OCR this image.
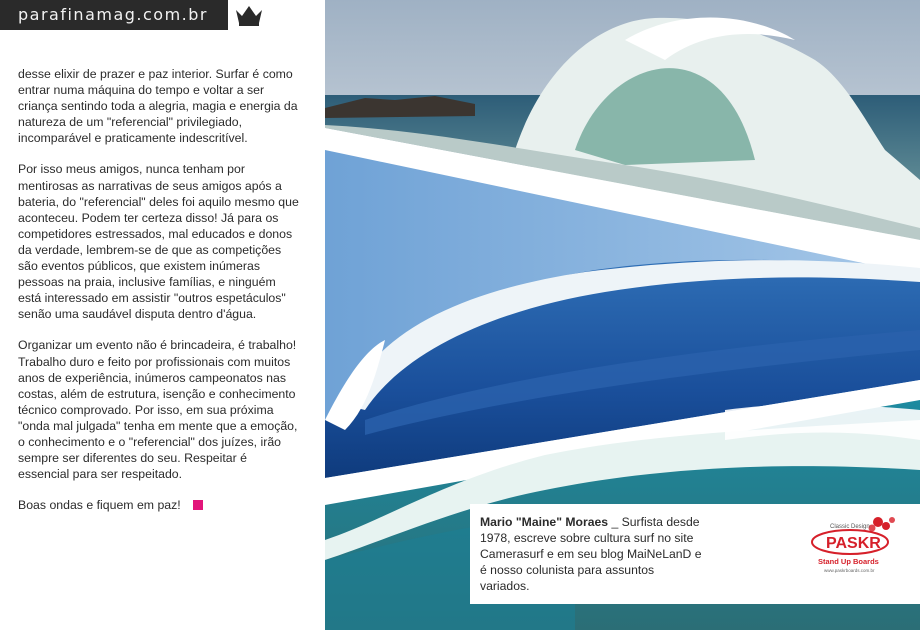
parafinamag.com.br

desse elixir de prazer e paz interior. Surfar é como entrar numa máquina do tempo e voltar a ser criança sentindo toda a alegria, magia e energia da natureza de um "referencial" privilegiado, incomparável e praticamente indescritível.

Por isso meus amigos, nunca tenham por mentirosas as narrativas de seus amigos após a bateria, do "referencial" deles foi aquilo mesmo que aconteceu. Podem ter certeza disso! Já para os competidores estressados, mal educados e donos da verdade, lembrem-se de que as competições são eventos públicos, que existem inúmeras pessoas na praia, inclusive famílias, e ninguém está interessado em assistir "outros espetáculos" senão uma saudável disputa dentro d'água.

Organizar um evento não é brincadeira, é trabalho! Trabalho duro e feito por profissionais com muitos anos de experiência, inúmeros campeonatos nas costas, além de estrutura, isenção e conhecimento técnico comprovado. Por isso, em sua próxima "onda mal julgada" tenha em mente que a emoção, o conhecimento e o "referencial" dos juízes, irão sempre ser diferentes do seu. Respeitar é essencial para ser respeitado.

Boas ondas e fiquem em paz!

Mario "Maine" Moraes _ Surfista desde 1978, escreve sobre cultura surf no site Camerasurf e em seu blog MaiNeLanD e é nosso colunista para assuntos variados.
Classic Design
PASKR
Stand Up Boards
www.paskrboards.com.br
